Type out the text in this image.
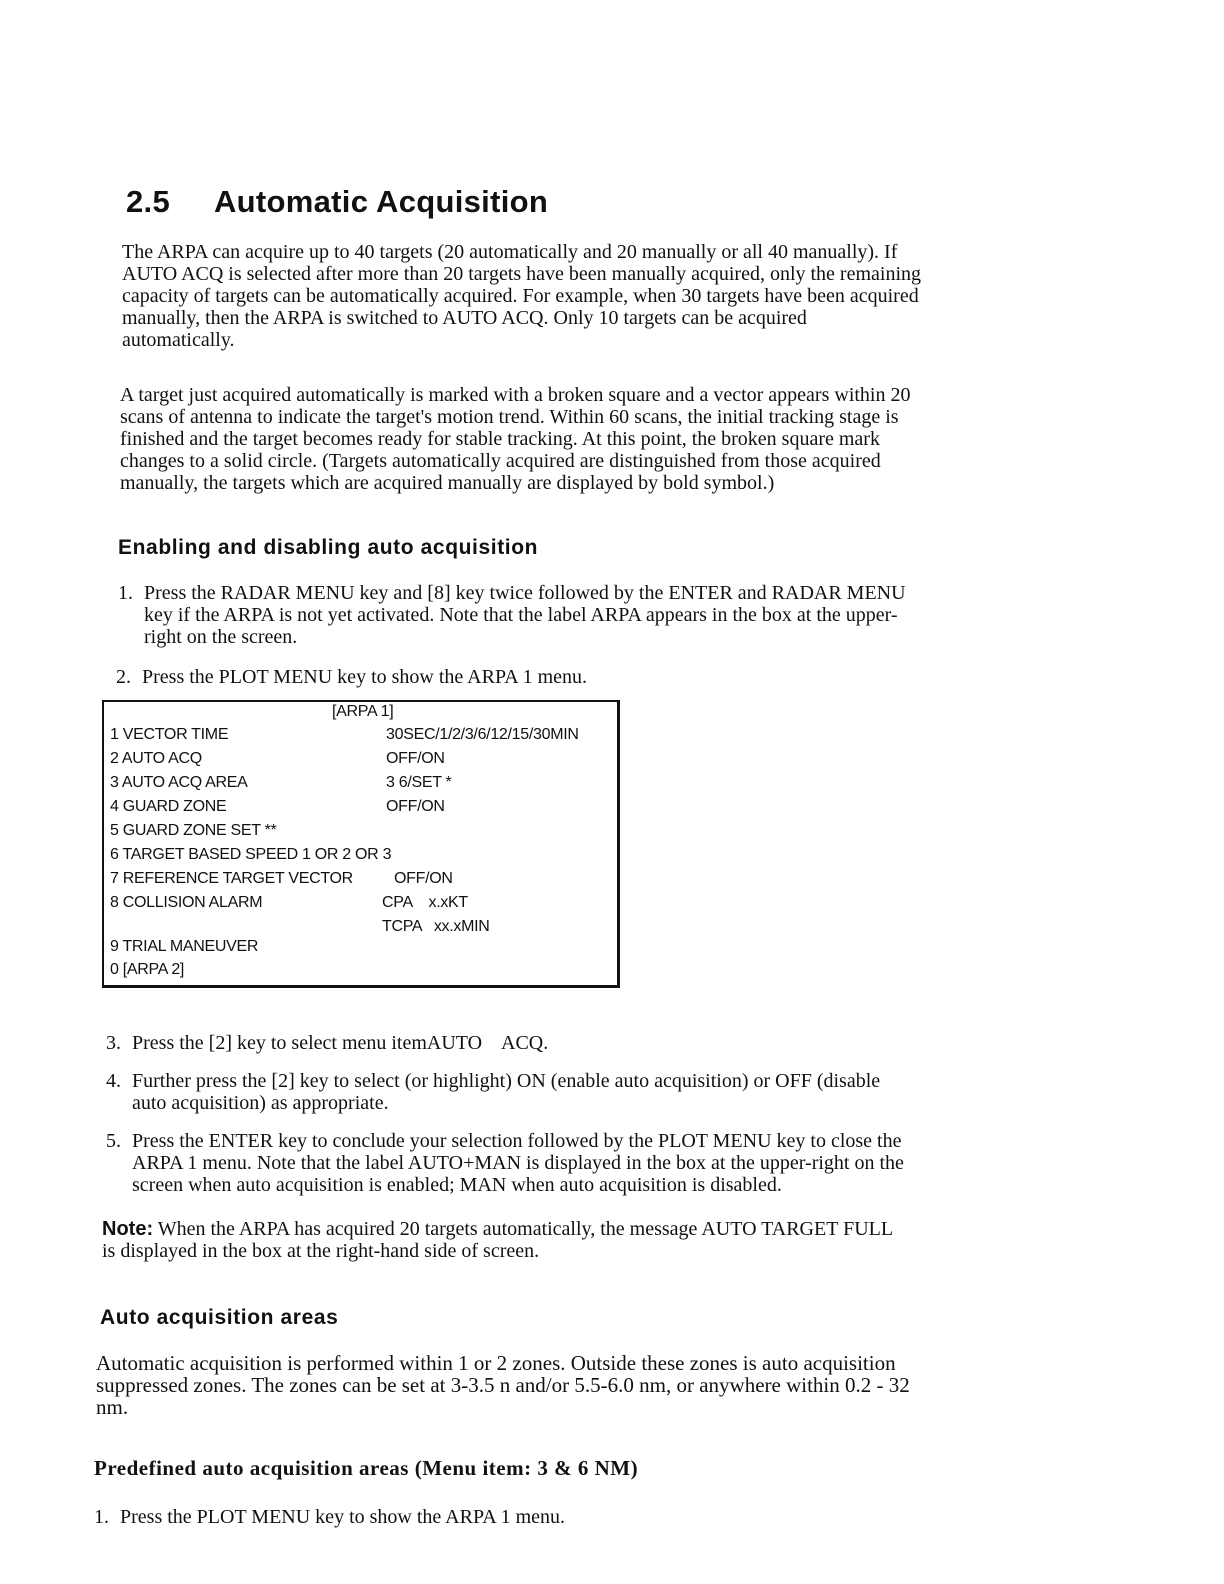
2.5 Automatic Acquisition
The ARPA can acquire up to 40 targets (20 automatically and 20 manually or all 40 manually). If
AUTO ACQ is selected after more than 20 targets have been manually acquired, only the remaining
capacity of targets can be automatically acquired. For example, when 30 targets have been acquired
manually, then the ARPA is switched to AUTO ACQ. Only 10 targets can be acquired
automatically.
A target just acquired automatically is marked with a broken square and a vector appears within 20
scans of antenna to indicate the target's motion trend. Within 60 scans, the initial tracking stage is
finished and the target becomes ready for stable tracking. At this point, the broken square mark
changes to a solid circle. (Targets automatically acquired are distinguished from those acquired
manually, the targets which are acquired manually are displayed by bold symbol.)
Enabling and disabling auto acquisition
1. Press the RADAR MENU key and [8] key twice followed by the ENTER and RADAR MENU
key if the ARPA is not yet activated. Note that the label ARPA appears in the box at the upper-
right on the screen.
2. Press the PLOT MENU key to show the ARPA 1 menu.
[ARPA 1]
1 VECTOR TIME	30SEC/1/2/3/6/12/15/30MIN
2 AUTO ACQ	OFF/ON
3 AUTO ACQ AREA	3 6/SET *
4 GUARD ZONE	OFF/ON
5 GUARD ZONE SET **
6 TARGET BASED SPEED 1 OR 2 OR 3
7 REFERENCE TARGET VECTOR	OFF/ON
8 COLLISION ALARM	CPA    x.xKT
TCPA   xx.xMIN
9 TRIAL MANEUVER
0 [ARPA 2]
3. Press the [2] key to select menu itemAUTO    ACQ.
4. Further press the [2] key to select (or highlight) ON (enable auto acquisition) or OFF (disable
auto acquisition) as appropriate.
5. Press the ENTER key to conclude your selection followed by the PLOT MENU key to close the
ARPA 1 menu. Note that the label AUTO+MAN is displayed in the box at the upper-right on the
screen when auto acquisition is enabled; MAN when auto acquisition is disabled.
Note: When the ARPA has acquired 20 targets automatically, the message AUTO TARGET FULL
is displayed in the box at the right-hand side of screen.
Auto acquisition areas
Automatic acquisition is performed within 1 or 2 zones. Outside these zones is auto acquisition
suppressed zones. The zones can be set at 3-3.5 n and/or 5.5-6.0 nm, or anywhere within 0.2 - 32
nm.
Predefined auto acquisition areas (Menu item: 3 & 6 NM)
1. Press the PLOT MENU key to show the ARPA 1 menu.
